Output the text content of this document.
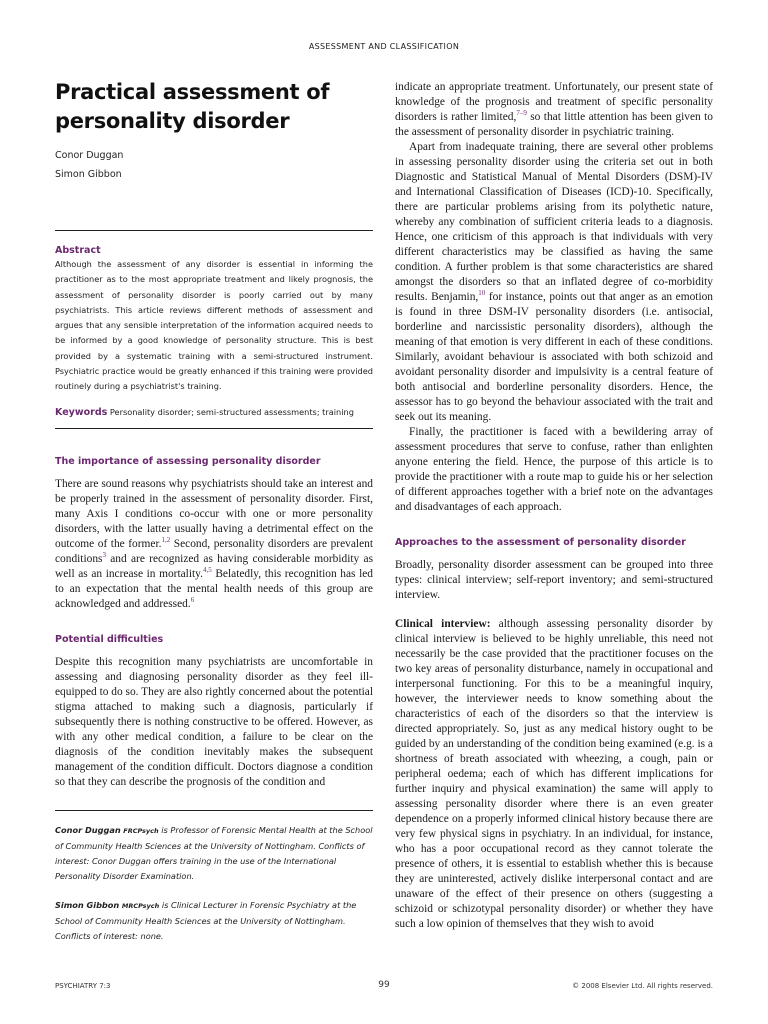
ASSESSMENT AND CLASSIFICATION
Practical assessment of personality disorder
Conor Duggan
Simon Gibbon
Abstract
Although the assessment of any disorder is essential in informing the practitioner as to the most appropriate treatment and likely prognosis, the assessment of personality disorder is poorly carried out by many psychiatrists. This article reviews different methods of assessment and argues that any sensible interpretation of the information acquired needs to be informed by a good knowledge of personality structure. This is best provided by a systematic training with a semi-structured instrument. Psychiatric practice would be greatly enhanced if this training were provided routinely during a psychiatrist's training.
Keywords Personality disorder; semi-structured assessments; training
The importance of assessing personality disorder

There are sound reasons why psychiatrists should take an interest and be properly trained in the assessment of personality disorder. First, many Axis I conditions co-occur with one or more personality disorders, with the latter usually having a detrimental effect on the outcome of the former.$^{1,2}$ Second, personality disorders are prevalent conditions$^3$ and are recognized as having considerable morbidity as well as an increase in mortality.$^{4,5}$ Belatedly, this recognition has led to an expectation that the mental health needs of this group are acknowledged and addressed.$^6$

Potential difficulties

Despite this recognition many psychiatrists are uncomfortable in assessing and diagnosing personality disorder as they feel ill-equipped to do so. They are also rightly concerned about the potential stigma attached to making such a diagnosis, particularly if subsequently there is nothing constructive to be offered. However, as with any other medical condition, a failure to be clear on the diagnosis of the condition inevitably makes the subsequent management of the condition difficult. Doctors diagnose a condition so that they can describe the prognosis of the condition and

Conor Duggan FRCPsych is Professor of Forensic Mental Health at the School of Community Health Sciences at the University of Nottingham. Conflicts of interest: Conor Duggan offers training in the use of the International Personality Disorder Examination.
Simon Gibbon MRCPsych is Clinical Lecturer in Forensic Psychiatry at the School of Community Health Sciences at the University of Nottingham. Conflicts of interest: none.

indicate an appropriate treatment. Unfortunately, our present state of knowledge of the prognosis and treatment of specific personality disorders is rather limited,$^{7-9}$ so that little attention has been given to the assessment of personality disorder in psychiatric training.

Apart from inadequate training, there are several other problems in assessing personality disorder using the criteria set out in both Diagnostic and Statistical Manual of Mental Disorders (DSM)-IV and International Classification of Diseases (ICD)-10. Specifically, there are particular problems arising from its polythetic nature, whereby any combination of sufficient criteria leads to a diagnosis. Hence, one criticism of this approach is that individuals with very different characteristics may be classified as having the same condition. A further problem is that some characteristics are shared amongst the disorders so that an inflated degree of co-morbidity results. Benjamin,$^{10}$ for instance, points out that anger as an emotion is found in three DSM-IV personality disorders (i.e. antisocial, borderline and narcissistic personality disorders), although the meaning of that emotion is very different in each of these conditions. Similarly, avoidant behaviour is associated with both schizoid and avoidant personality disorder and impulsivity is a central feature of both antisocial and borderline personality disorders. Hence, the assessor has to go beyond the behaviour associated with the trait and seek out its meaning.

Finally, the practitioner is faced with a bewildering array of assessment procedures that serve to confuse, rather than enlighten anyone entering the field. Hence, the purpose of this article is to provide the practitioner with a route map to guide his or her selection of different approaches together with a brief note on the advantages and disadvantages of each approach.

Approaches to the assessment of personality disorder

Broadly, personality disorder assessment can be grouped into three types: clinical interview; self-report inventory; and semi-structured interview.

Clinical interview: although assessing personality disorder by clinical interview is believed to be highly unreliable, this need not necessarily be the case provided that the practitioner focuses on the two key areas of personality disturbance, namely in occupational and interpersonal functioning. For this to be a meaningful inquiry, however, the interviewer needs to know something about the characteristics of each of the disorders so that the interview is directed appropriately. So, just as any medical history ought to be guided by an understanding of the condition being examined (e.g. is a shortness of breath associated with wheezing, a cough, pain or peripheral oedema; each of which has different implications for further inquiry and physical examination) the same will apply to assessing personality disorder where there is an even greater dependence on a properly informed clinical history because there are very few physical signs in psychiatry. In an individual, for instance, who has a poor occupational record as they cannot tolerate the presence of others, it is essential to establish whether this is because they are uninterested, actively dislike interpersonal contact and are unaware of the effect of their presence on others (suggesting a schizoid or schizotypal personality disorder) or whether they have such a low opinion of themselves that they wish to avoid

PSYCHIATRY 7:3	99	© 2008 Elsevier Ltd. All rights reserved.
